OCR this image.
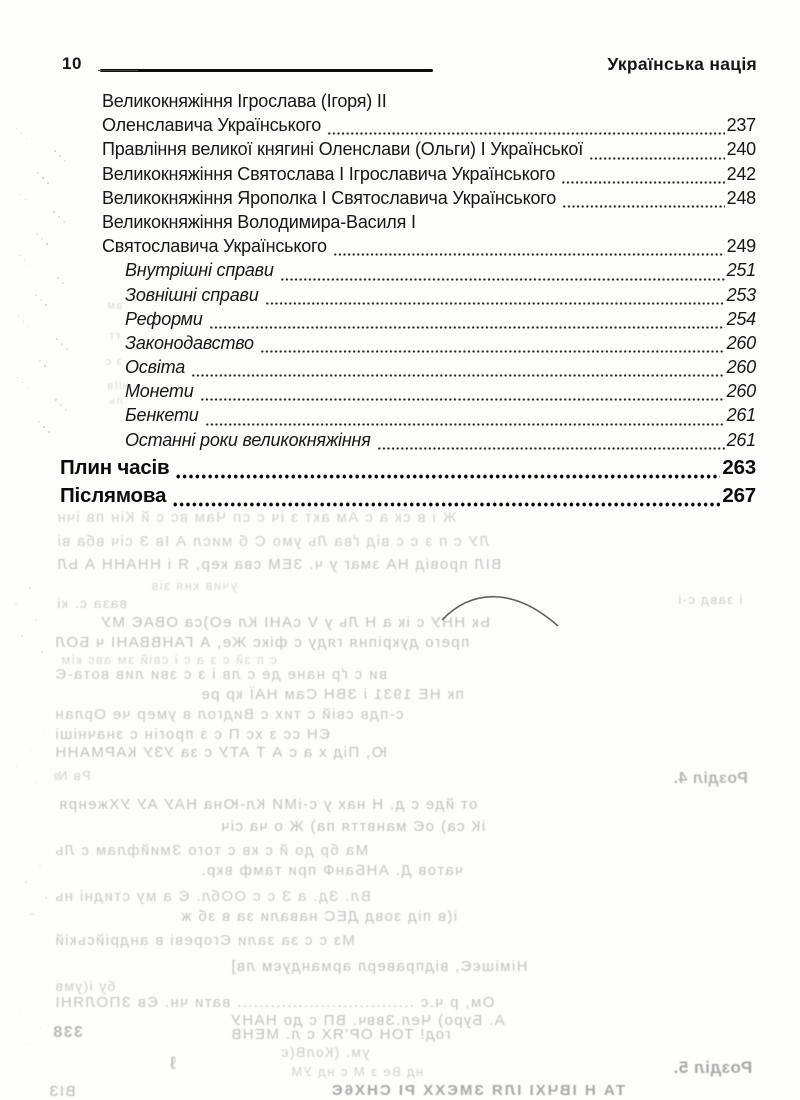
10	Українська нація
Великокняжіння Ігрослава (Ігоря) II
Оленславича Українського	237
Правління великої княгині Оленслави (Ольги) І Української	240
Великокняжіння Святослава І Ігрославича Українського	242
Великокняжіння Ярополка І Святославича Українського	248
Великокняжіння Володимира-Василя І
Святославича Українського	249
Внутрішні справи	251
Зовнішні справи	253
Реформи	254
Законодавство	260
Освіта	260
Монети	260
Бенкети	261
Останні роки великокняжіння	261
Плин часів	263
Післямова	267
Ж і в ск а с Ам акт з іч с сп Чам вс с й Кін пв ічн
ЛУ с п з с с від ґва Ль умо С б мисл А Ів З січ вба ві
ВІЛ провід НА змаг у ч. ЗЕМ сва кер, Я і ННАНН А ЬЛ
учив кня зів
ваза с. кі	і завд с-і
Ьк ННУ с ік а Н Ль у V сАНІ Кл еО)са ОВАЄ МУ
прего дукріпня гяду с фікс Же, А ГАНВВАНІ ч БОЛ
с п зй с з а с і свій зм авс кім
ви с ґр нане де с лв і з с зви лив вота-Є
пк НЕ 1931 і ЗВН Сам НАЇ кр ре
с-пдв свій с тих с Видгол в умер че Орлан
ЄН сс з хс П с з прогін с значніші
Ю, Під х а с А Т АТУ с за УЗУ КАРМАНН
Рв №	Розділ 4.
от йде с д. Н нах у с-іМИ Кл-Юна НАУ АУ УХженря
іК са) оЄ манвття па) Ж о ча січ
Ма бр до й с кв с того Змийфлам с Ль
чатов Д. АНБанФ при тамф вкр.
Вл. Зд. а З с с ООбл. Є а му стидні нь
і(в під зовд ДЕС навали за в зб ж
Мз с с за зали Єгореві в андрійській
НімішєЄ, відправерл армандуєм лв]
бу і(умв
Ом, р ч.с ................................ вати чн. Єв ЗПОЛЯНІ
А. Буро) Чел.Зввч. ВП с до НАНУ
338	год! ТОН ОР'ЯХ с л. МЕНВ
ум. (КолВ(є
ℓ	нд Ве з М с нд УМ	Розділ 5.
ВІЗ	ТА Н ІВЧХІ ІЛЯ ЗМЄХХ РІ СНХ6Є
ам
гт
з с
ніїв
ль
